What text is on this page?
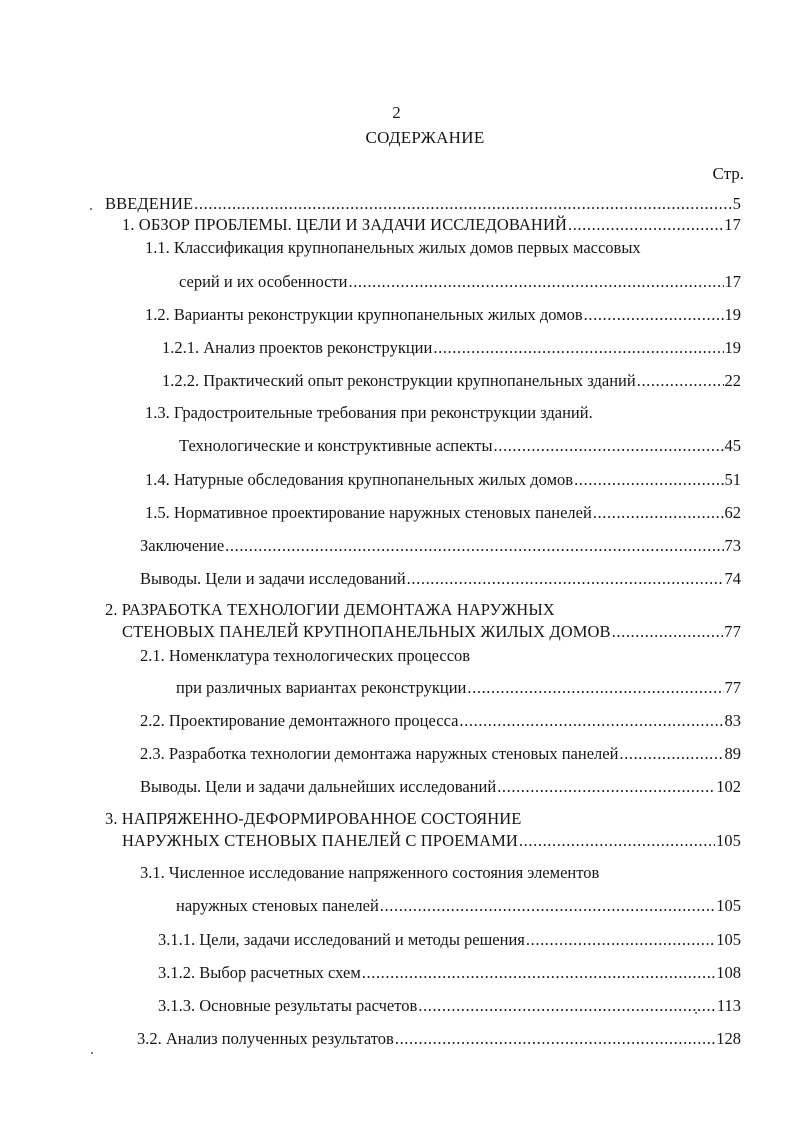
2
СОДЕРЖАНИЕ
Стр.
ВВЕДЕНИЕ .....	5
1. ОБЗОР ПРОБЛЕМЫ. ЦЕЛИ И ЗАДАЧИ ИССЛЕДОВАНИЙ .....	17
1.1. Классификация крупнопанельных жилых домов первых массовых
серий и их особенности .....	17
1.2. Варианты реконструкции крупнопанельных жилых домов .....	19
1.2.1. Анализ проектов реконструкции .....	19
1.2.2. Практический опыт реконструкции крупнопанельных зданий .....	22
1.3. Градостроительные требования при реконструкции зданий.
Технологические и конструктивные аспекты .....	45
1.4. Натурные обследования крупнопанельных жилых домов .....	51
1.5. Нормативное проектирование наружных стеновых панелей .....	62
Заключение .....	73
Выводы. Цели и задачи исследований .....	74
2. РАЗРАБОТКА ТЕХНОЛОГИИ ДЕМОНТАЖА НАРУЖНЫХ
СТЕНОВЫХ ПАНЕЛЕЙ КРУПНОПАНЕЛЬНЫХ ЖИЛЫХ ДОМОВ .....	77
2.1. Номенклатура технологических процессов
при различных вариантах реконструкции .....	77
2.2. Проектирование демонтажного процесса .....	83
2.3. Разработка технологии демонтажа наружных стеновых панелей .....	89
Выводы. Цели и задачи дальнейших исследований .....	102
3. НАПРЯЖЕННО-ДЕФОРМИРОВАННОЕ СОСТОЯНИЕ
НАРУЖНЫХ СТЕНОВЫХ ПАНЕЛЕЙ С ПРОЕМАМИ .....	105
3.1. Численное исследование напряженного состояния элементов
наружных стеновых панелей .....	105
3.1.1. Цели, задачи исследований и методы решения .....	105
3.1.2. Выбор расчетных схем .....	108
3.1.3. Основные результаты расчетов .....	113
3.2. Анализ полученных результатов .....	128
